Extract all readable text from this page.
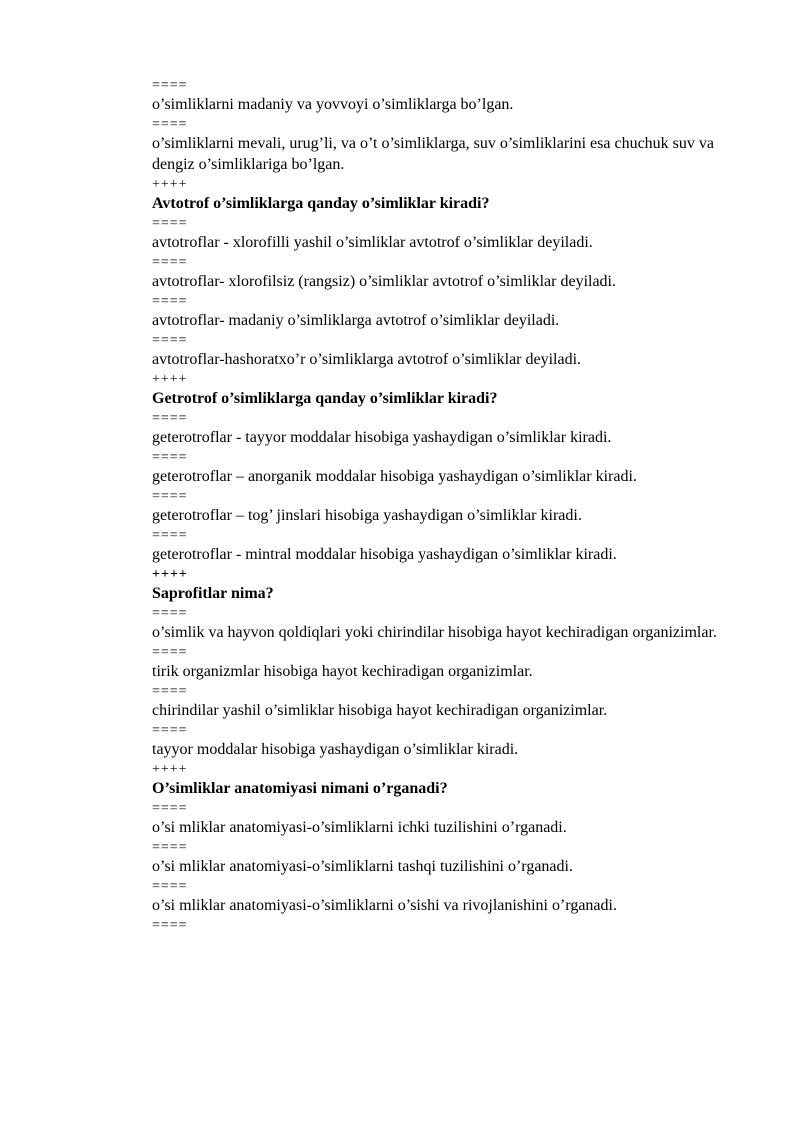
====
o’simliklarni madaniy va yovvoyi o’simliklarga bo’lgan.
====
o’simliklarni mevali, urug’li, va o’t o’simliklarga, suv o’simliklarini esa chuchuk suv va dengiz o’simliklariga bo’lgan.
++++
Avtotrof o’simliklarga qanday o’simliklar kiradi?
====
avtotroflar - xlorofilli yashil o’simliklar avtotrof o’simliklar deyiladi.
====
avtotroflar- xlorofilsiz (rangsiz) o’simliklar avtotrof o’simliklar deyiladi.
====
avtotroflar- madaniy o’simliklarga avtotrof o’simliklar deyiladi.
====
avtotroflar-hashoratxo’r o’simliklarga avtotrof o’simliklar deyiladi.
++++
Getrotrof o’simliklarga qanday o’simliklar kiradi?
====
geterotroflar - tayyor moddalar hisobiga yashaydigan o’simliklar kiradi.
====
geterotroflar – anorganik moddalar hisobiga yashaydigan o’simliklar kiradi.
====
geterotroflar – tog’ jinslari hisobiga yashaydigan o’simliklar kiradi.
====
geterotroflar - mintral moddalar hisobiga yashaydigan o’simliklar kiradi.
++++
Saprofitlar nima?
====
o’simlik va hayvon qoldiqlari yoki chirindilar hisobiga hayot kechiradigan organizimlar.
====
tirik organizmlar hisobiga hayot kechiradigan organizimlar.
====
chirindilar yashil o’simliklar hisobiga hayot kechiradigan organizimlar.
====
tayyor moddalar hisobiga yashaydigan o’simliklar kiradi.
++++
O’simliklar anatomiyasi nimani o’rganadi?
====
o’si mliklar anatomiyasi-o’simliklarni ichki tuzilishini o’rganadi.
====
o’si mliklar anatomiyasi-o’simliklarni tashqi tuzilishini o’rganadi.
====
o’si mliklar anatomiyasi-o’simliklarni o’sishi va rivojlanishini o’rganadi.
====
